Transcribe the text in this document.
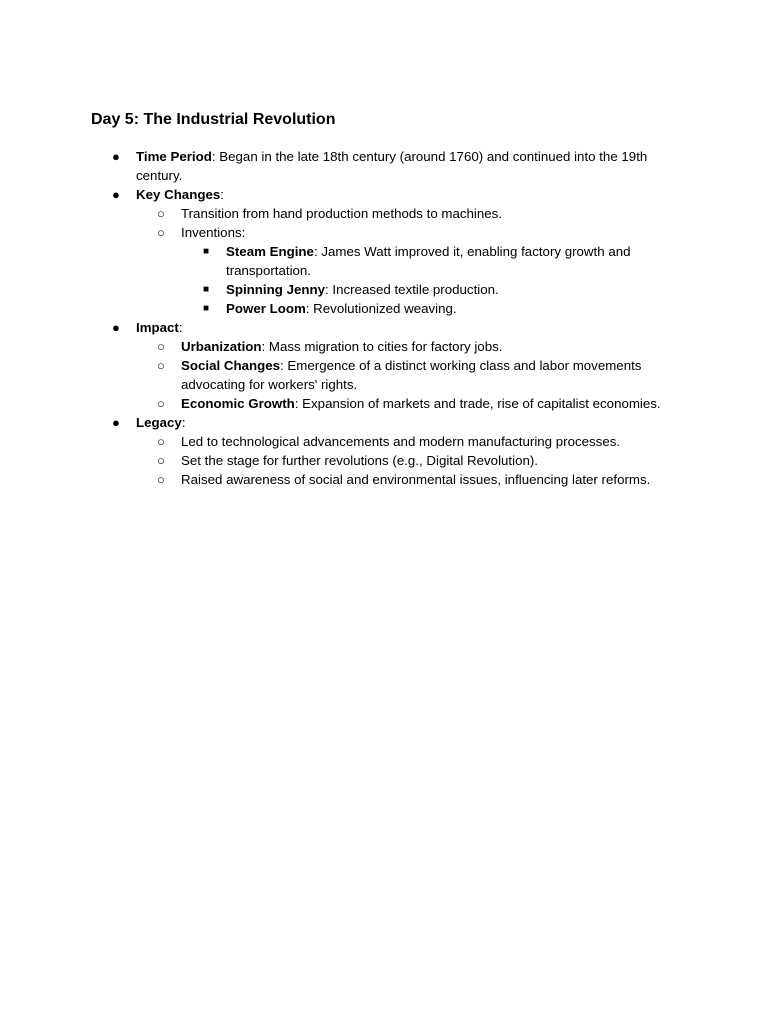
Day 5: The Industrial Revolution
● Time Period: Began in the late 18th century (around 1760) and continued into the 19th century.
● Key Changes:
○ Transition from hand production methods to machines.
○ Inventions:
■ Steam Engine: James Watt improved it, enabling factory growth and transportation.
■ Spinning Jenny: Increased textile production.
■ Power Loom: Revolutionized weaving.
● Impact:
○ Urbanization: Mass migration to cities for factory jobs.
○ Social Changes: Emergence of a distinct working class and labor movements advocating for workers' rights.
○ Economic Growth: Expansion of markets and trade, rise of capitalist economies.
● Legacy:
○ Led to technological advancements and modern manufacturing processes.
○ Set the stage for further revolutions (e.g., Digital Revolution).
○ Raised awareness of social and environmental issues, influencing later reforms.
